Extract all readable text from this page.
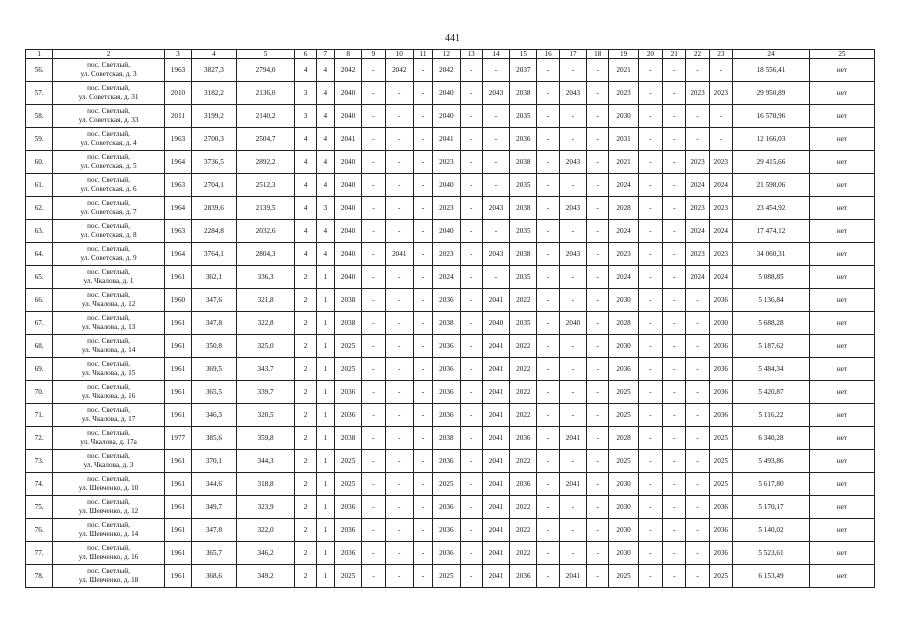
441
1	2	3	4	5	6	7	8	9	10	11	12	13	14	15	16	17	18	19	20	21	22	23	24	25
56.	пос. Светлый,
ул. Советская, д. 3	1963	3827,3	2794,0	4	4	2042	-	2042	-	2042	-	-	2037	-	-	-	2021	-	-	-	-	18 556,41	нет
57.	пос. Светлый,
ул. Советская, д. 31	2010	3182,2	2136,0	3	4	2040	-	-	-	2040	-	2043	2038	-	2043	-	2023	-	-	2023	2023	29 950,89	нет
58.	пос. Светлый,
ул. Советская, д. 33	2011	3199,2	2140,2	3	4	2040	-	-	-	2040	-	-	2035	-	-	-	2030	-	-	-	-	16 578,96	нет
59.	пос. Светлый,
ул. Советская, д. 4	1963	2700,3	2504,7	4	4	2041	-	-	-	2041	-	-	2036	-	-	-	2031	-	-	-	-	12 166,03	нет
60.	пос. Светлый,
ул. Советская, д. 5	1964	3736,5	2892,2	4	4	2040	-	-	-	2023	-	-	2038	-	2043	-	2021	-	-	2023	2023	29 415,66	нет
61.	пос. Светлый,
ул. Советская, д. 6	1963	2704,1	2512,3	4	4	2040	-	-	-	2040	-	-	2035	-	-	-	2024	-	-	2024	2024	21 598,06	нет
62.	пос. Светлый,
ул. Советская, д. 7	1964	2839,6	2139,5	4	3	2040	-	-	-	2023	-	2043	2038	-	2043	-	2028	-	-	2023	2023	23 454,92	нет
63.	пос. Светлый,
ул. Советская, д. 8	1963	2284,8	2032,6	4	4	2040	-	-	-	2040	-	-	2035	-	-	-	2024	-	-	2024	2024	17 474,12	нет
64.	пос. Светлый,
ул. Советская, д. 9	1964	3764,1	2804,3	4	4	2040	-	2041	-	2023	-	2043	2038	-	2043	-	2023	-	-	2023	2023	34 060,31	нет
65.	пос. Светлый,
ул. Чкалова, д. 1	1961	362,1	336,3	2	1	2040	-	-	-	2024	-	-	2035	-	-	-	2024	-	-	2024	2024	5 088,85	нет
66.	пос. Светлый,
ул. Чкалова, д. 12	1960	347,6	321,8	2	1	2038	-	-	-	2036	-	2041	2022	-	-	-	2030	-	-	-	2036	5 136,84	нет
67.	пос. Светлый,
ул. Чкалова, д. 13	1961	347,8	322,8	2	1	2038	-	-	-	2038	-	2040	2035	-	2040	-	2028	-	-	-	2030	5 688,28	нет
68.	пос. Светлый,
ул. Чкалова, д. 14	1961	350,8	325,0	2	1	2025	-	-	-	2036	-	2041	2022	-	-	-	2030	-	-	-	2036	5 187,62	нет
69.	пос. Светлый,
ул. Чкалова, д. 15	1961	369,5	343,7	2	1	2025	-	-	-	2036	-	2041	2022	-	-	-	2036	-	-	-	2036	5 484,34	нет
70.	пос. Светлый,
ул. Чкалова, д. 16	1961	365,5	339,7	2	1	2036	-	-	-	2036	-	2041	2022	-	-	-	2025	-	-	-	2036	5 420,87	нет
71.	пос. Светлый,
ул. Чкалова, д. 17	1961	346,3	320,5	2	1	2036	-	-	-	2036	-	2041	2022	-	-	-	2025	-	-	-	2036	5 116,22	нет
72.	пос. Светлый,
ул. Чкалова, д. 17а	1977	385,6	359,8	2	1	2038	-	-	-	2038	-	2041	2036	-	2041	-	2028	-	-	-	2025	6 340,28	нет
73.	пос. Светлый,
ул. Чкалова, д. 3	1961	370,1	344,3	2	1	2025	-	-	-	2036	-	2041	2022	-	-	-	2025	-	-	-	2025	5 493,86	нет
74.	пос. Светлый,
ул. Шевченко, д. 10	1961	344,6	318,8	2	1	2025	-	-	-	2025	-	2041	2036	-	2041	-	2030	-	-	-	2025	5 617,80	нет
75.	пос. Светлый,
ул. Шевченко, д. 12	1961	349,7	323,9	2	1	2036	-	-	-	2036	-	2041	2022	-	-	-	2030	-	-	-	2036	5 170,17	нет
76.	пос. Светлый,
ул. Шевченко, д. 14	1961	347,8	322,0	2	1	2036	-	-	-	2036	-	2041	2022	-	-	-	2030	-	-	-	2036	5 140,02	нет
77.	пос. Светлый,
ул. Шевченко, д. 16	1961	365,7	346,2	2	1	2036	-	-	-	2036	-	2041	2022	-	-	-	2030	-	-	-	2036	5 523,61	нет
78.	пос. Светлый,
ул. Шевченко, д. 18	1961	368,6	349,2	2	1	2025	-	-	-	2025	-	2041	2036	-	2041	-	2025	-	-	-	2025	6 153,49	нет
